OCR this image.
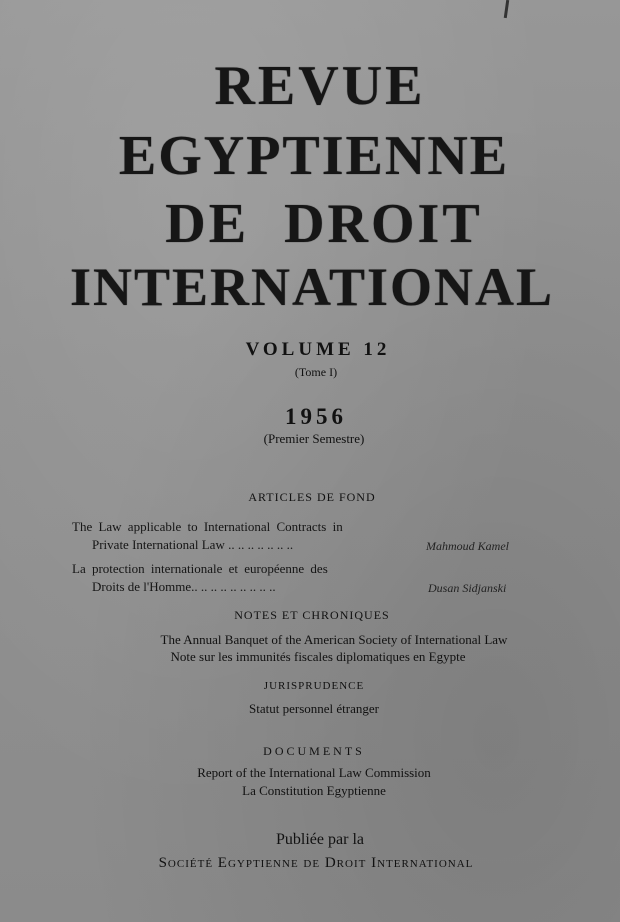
REVUE
EGYPTIENNE
DE DROIT
INTERNATIONAL
VOLUME 12
(Tome I)
1956
(Premier Semestre)
ARTICLES DE FOND
The Law applicable to International Contracts in
Private International Law .. .. .. .. .. .. ..	Mahmoud Kamel
La protection internationale et européenne des
Droits de l'Homme.. .. .. .. .. .. .. .. ..	Dusan Sidjanski
NOTES ET CHRONIQUES
The Annual Banquet of the American Society of International Law
Note sur les immunités fiscales diplomatiques en Egypte
JURISPRUDENCE
Statut personnel étranger
DOCUMENTS
Report of the International Law Commission
La Constitution Egyptienne
Publiée par la
Société Egyptienne de Droit International
